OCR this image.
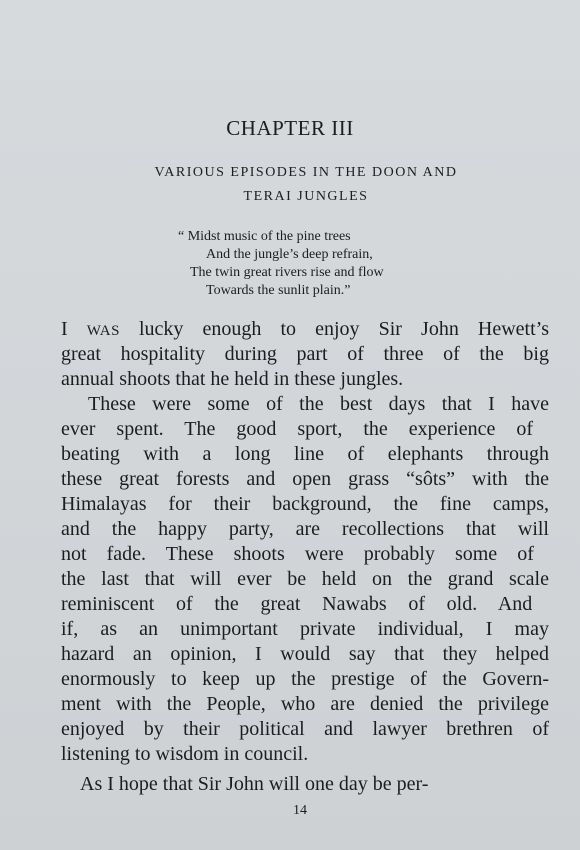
CHAPTER III
VARIOUS EPISODES IN THE DOON AND
TERAI JUNGLES
“ Midst music of the pine trees
And the jungle’s deep refrain,
The twin great rivers rise and flow
Towards the sunlit plain.”
I WAS lucky enough to enjoy Sir John Hewett’s
great hospitality during part of three of the big
annual shoots that he held in these jungles.
These were some of the best days that I have
ever spent. The good sport, the experience of
beating with a long line of elephants through
these great forests and open grass “sôts” with the
Himalayas for their background, the fine camps,
and the happy party, are recollections that will
not fade. These shoots were probably some of
the last that will ever be held on the grand scale
reminiscent of the great Nawabs of old. And
if, as an unimportant private individual, I may
hazard an opinion, I would say that they helped
enormously to keep up the prestige of the Govern-
ment with the People, who are denied the privilege
enjoyed by their political and lawyer brethren of
listening to wisdom in council.
As I hope that Sir John will one day be per-
14
